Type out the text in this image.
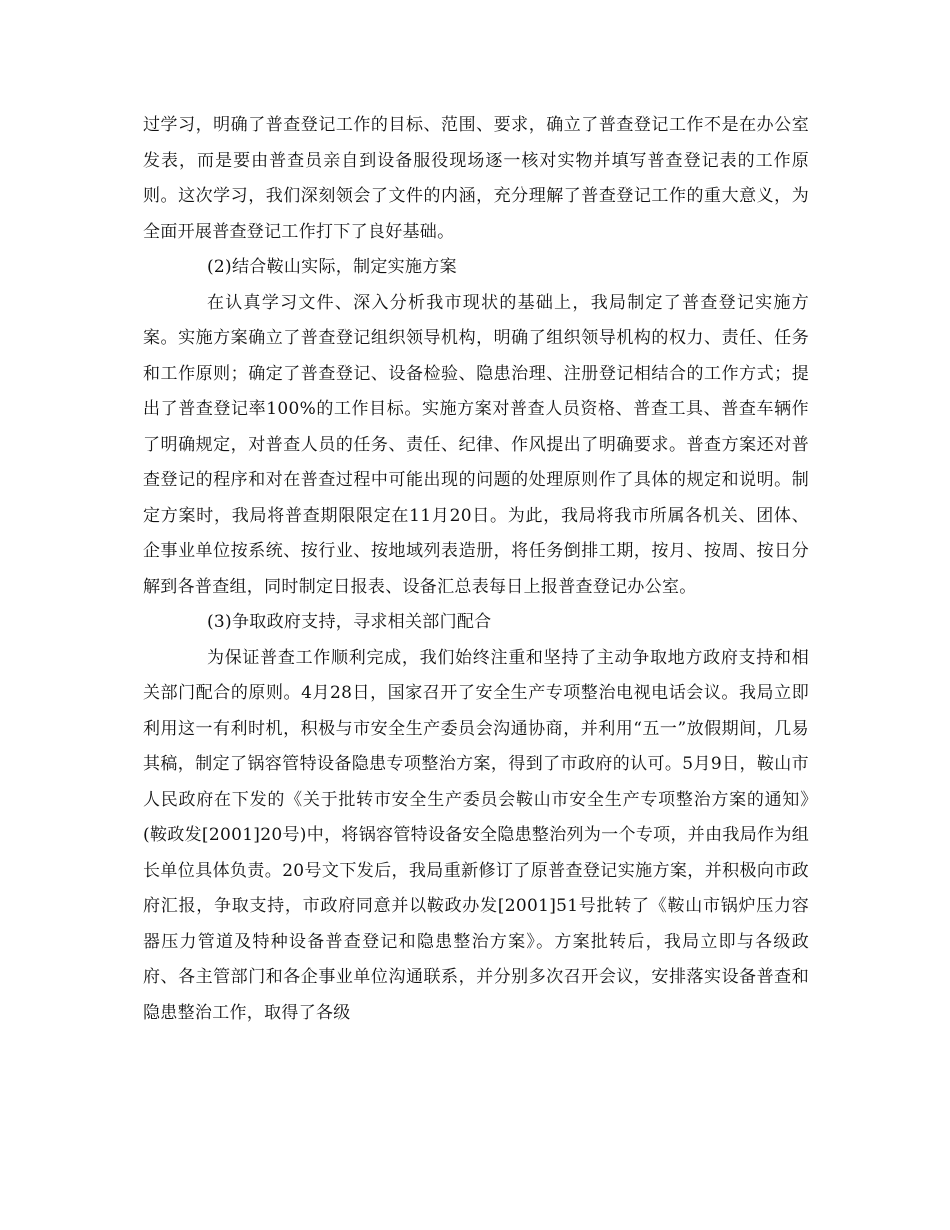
过学习，明确了普查登记工作的目标、范围、要求，确立了普查登记工作不是在办公室发表，而是要由普查员亲自到设备服役现场逐一核对实物并填写普查登记表的工作原则。这次学习，我们深刻领会了文件的内涵，充分理解了普查登记工作的重大意义，为全面开展普查登记工作打下了良好基础。

(2)结合鞍山实际，制定实施方案

在认真学习文件、深入分析我市现状的基础上，我局制定了普查登记实施方案。实施方案确立了普查登记组织领导机构，明确了组织领导机构的权力、责任、任务和工作原则；确定了普查登记、设备检验、隐患治理、注册登记相结合的工作方式；提出了普查登记率100%的工作目标。实施方案对普查人员资格、普查工具、普查车辆作了明确规定，对普查人员的任务、责任、纪律、作风提出了明确要求。普查方案还对普查登记的程序和对在普查过程中可能出现的问题的处理原则作了具体的规定和说明。制定方案时，我局将普查期限限定在11月20日。为此，我局将我市所属各机关、团体、企事业单位按系统、按行业、按地域列表造册，将任务倒排工期，按月、按周、按日分解到各普查组，同时制定日报表、设备汇总表每日上报普查登记办公室。

(3)争取政府支持，寻求相关部门配合

为保证普查工作顺利完成，我们始终注重和坚持了主动争取地方政府支持和相关部门配合的原则。4月28日，国家召开了安全生产专项整治电视电话会议。我局立即利用这一有利时机，积极与市安全生产委员会沟通协商，并利用“五一”放假期间，几易其稿，制定了锅容管特设备隐患专项整治方案，得到了市政府的认可。5月9日，鞍山市人民政府在下发的《关于批转市安全生产委员会鞍山市安全生产专项整治方案的通知》　　(鞍政发[2001]20号)中，将锅容管特设备安全隐患整治列为一个专项，并由我局作为组长单位具体负责。20号文下发后，我局重新修订了原普查登记实施方案，并积极向市政府汇报，争取支持，市政府同意并以鞍政办发[2001]51号批转了《鞍山市锅炉压力容器压力管道及特种设备普查登记和隐患整治方案》。方案批转后，我局立即与各级政府、各主管部门和各企事业单位沟通联系，并分别多次召开会议，安排落实设备普查和隐患整治工作，取得了各级
